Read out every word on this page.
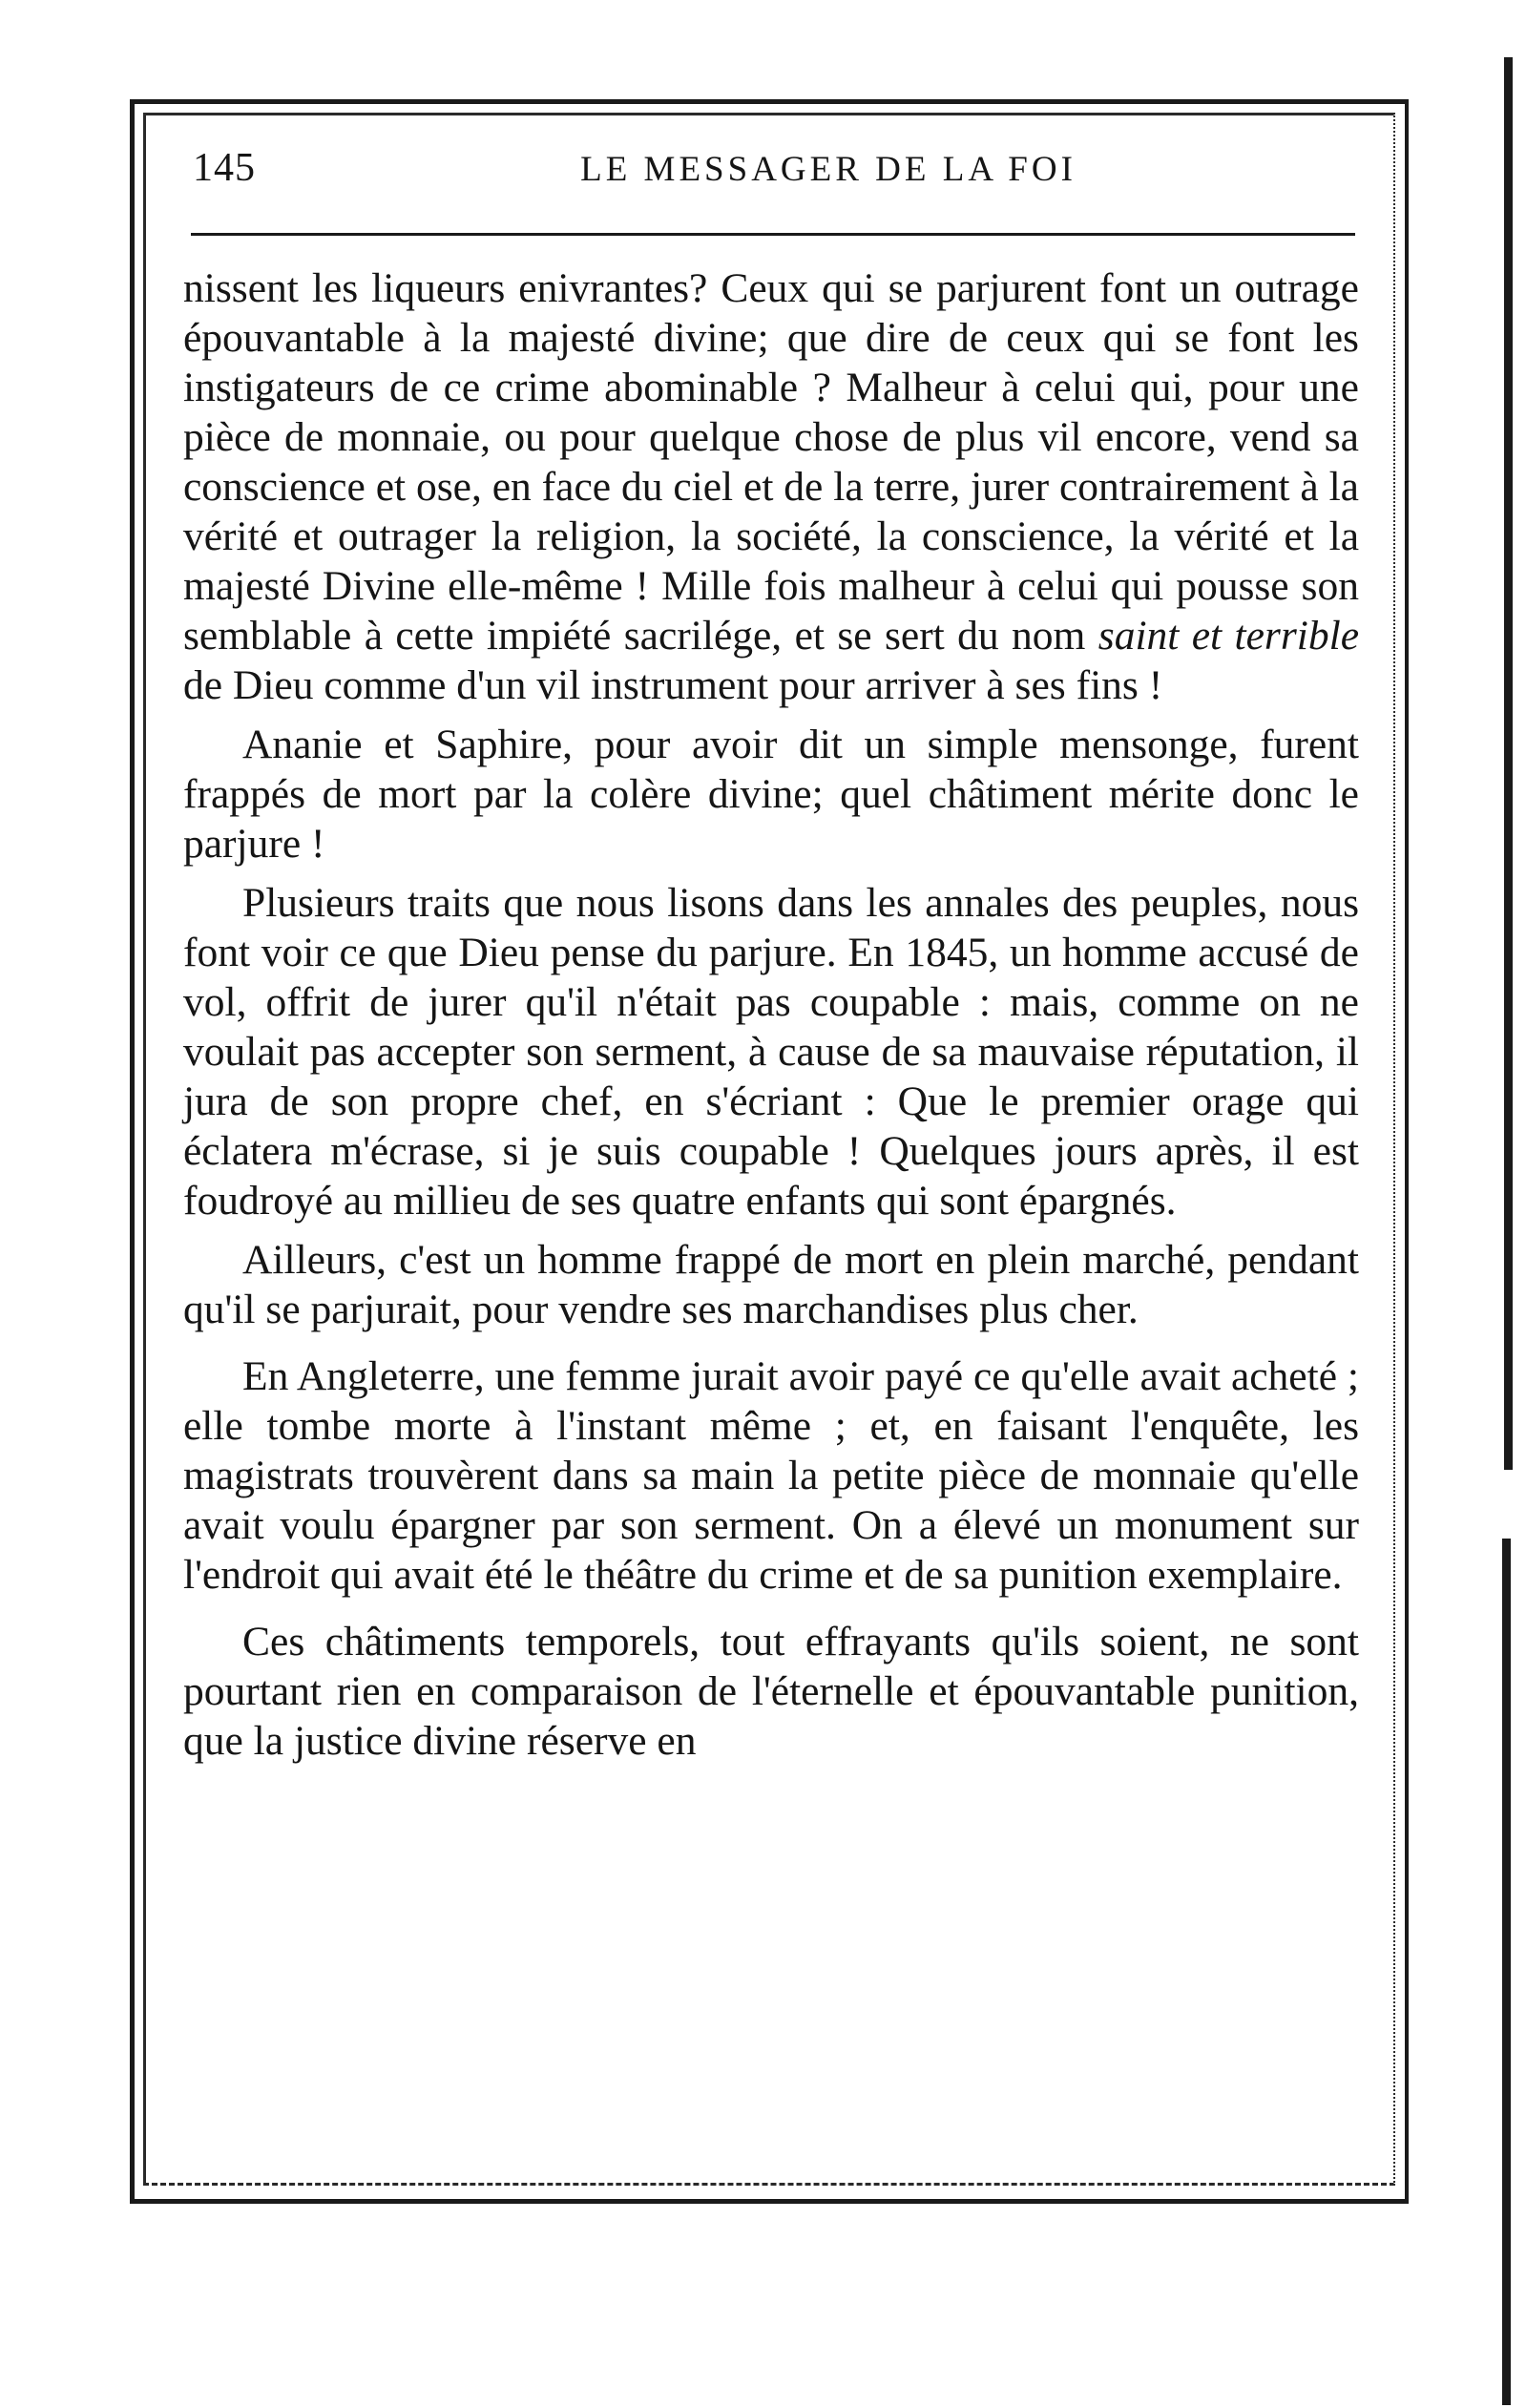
145	LE MESSAGER DE LA FOI

nissent les liqueurs enivrantes? Ceux qui se parjurent font un outrage épouvantable à la majesté divine; que dire de ceux qui se font les instigateurs de ce crime abominable ? Malheur à celui qui, pour une pièce de monnaie, ou pour quelque chose de plus vil encore, vend sa conscience et ose, en face du ciel et de la terre, jurer contrairement à la vérité et outrager la religion, la société, la conscience, la vérité et la majesté Divine elle-même ! Mille fois malheur à celui qui pousse son semblable à cette impiété sacrilége, et se sert du nom saint et terrible de Dieu comme d'un vil instrument pour arriver à ses fins !

Ananie et Saphire, pour avoir dit un simple mensonge, furent frappés de mort par la colère divine; quel châtiment mérite donc le parjure !

Plusieurs traits que nous lisons dans les annales des peuples, nous font voir ce que Dieu pense du parjure. En 1845, un homme accusé de vol, offrit de jurer qu'il n'était pas coupable : mais, comme on ne voulait pas accepter son serment, à cause de sa mauvaise réputation, il jura de son propre chef, en s'écriant : Que le premier orage qui éclatera m'écrase, si je suis coupable ! Quelques jours après, il est foudroyé au millieu de ses quatre enfants qui sont épargnés.

Ailleurs, c'est un homme frappé de mort en plein marché, pendant qu'il se parjurait, pour vendre ses marchandises plus cher.

En Angleterre, une femme jurait avoir payé ce qu'elle avait acheté ; elle tombe morte à l'instant même ; et, en faisant l'enquête, les magistrats trouvèrent dans sa main la petite pièce de monnaie qu'elle avait voulu épargner par son serment. On a élevé un monument sur l'endroit qui avait été le théâtre du crime et de sa punition exemplaire.

Ces châtiments temporels, tout effrayants qu'ils soient, ne sont pourtant rien en comparaison de l'éternelle et épouvantable punition, que la justice divine réserve en
